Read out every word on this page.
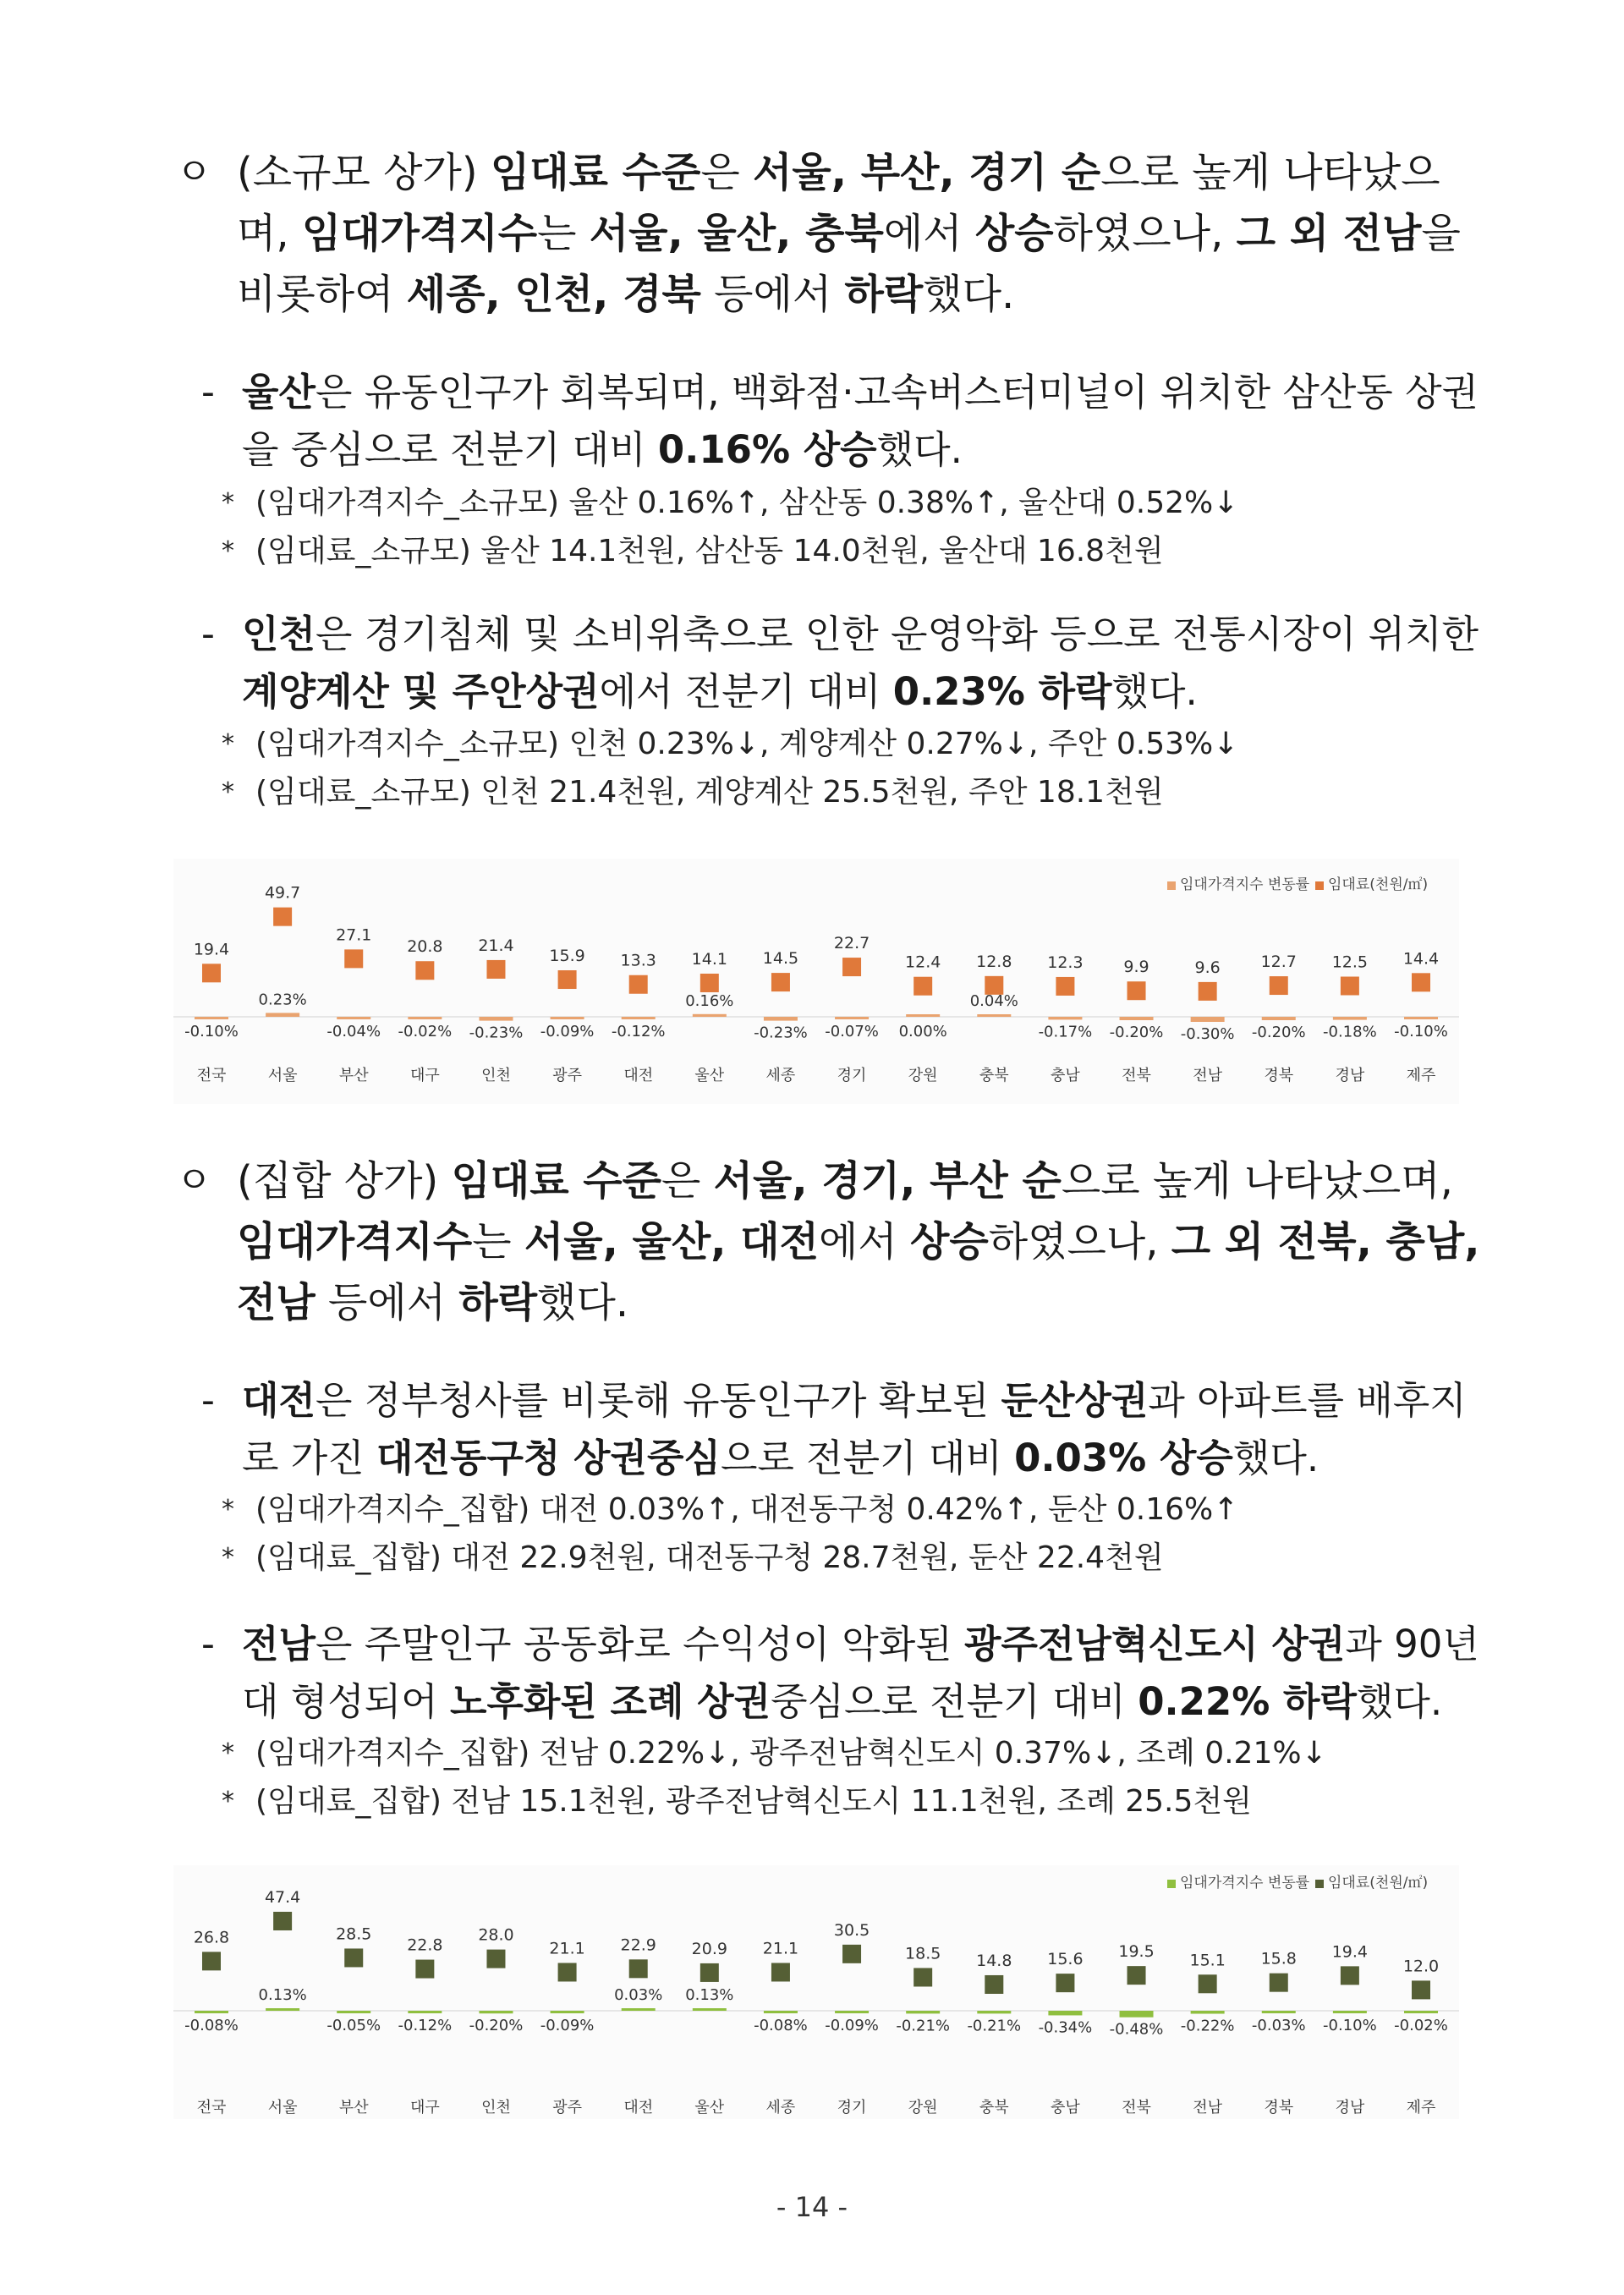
ㅇ (소규모 상가) 임대료 수준은 서울, 부산, 경기 순으로 높게 나타났으며, 임대가격지수는 서울, 울산, 충북에서 상승하였으나, 그 외 전남을 비롯하여 세종, 인천, 경북 등에서 하락했다.
- 울산은 유동인구가 회복되며, 백화점·고속버스터미널이 위치한 삼산동 상권을 중심으로 전분기 대비 0.16% 상승했다.
* (임대가격지수_소규모) 울산 0.16%↑, 삼산동 0.38%↑, 울산대 0.52%↓
* (임대료_소규모) 울산 14.1천원, 삼산동 14.0천원, 울산대 16.8천원
- 인천은 경기침체 및 소비위축으로 인한 운영악화 등으로 전통시장이 위치한 계양계산 및 주안상권에서 전분기 대비 0.23% 하락했다.
* (임대가격지수_소규모) 인천 0.23%↓, 계양계산 0.27%↓, 주안 0.53%↓
* (임대료_소규모) 인천 21.4천원, 계양계산 25.5천원, 주안 18.1천원
임대가격지수 변동률 임대료(천원/㎡)
19.4
-0.10%
전국
49.7
0.23%
서울
27.1
-0.04%
부산
20.8
-0.02%
대구
21.4
-0.23%
인천
15.9
-0.09%
광주
13.3
-0.12%
대전
14.1
0.16%
울산
14.5
-0.23%
세종
22.7
-0.07%
경기
12.4
0.00%
강원
12.8
0.04%
충북
12.3
-0.17%
충남
9.9
-0.20%
전북
9.6
-0.30%
전남
12.7
-0.20%
경북
12.5
-0.18%
경남
14.4
-0.10%
제주
ㅇ (집합 상가) 임대료 수준은 서울, 경기, 부산 순으로 높게 나타났으며, 임대가격지수는 서울, 울산, 대전에서 상승하였으나, 그 외 전북, 충남, 전남 등에서 하락했다.
- 대전은 정부청사를 비롯해 유동인구가 확보된 둔산상권과 아파트를 배후지로 가진 대전동구청 상권중심으로 전분기 대비 0.03% 상승했다.
* (임대가격지수_집합) 대전 0.03%↑, 대전동구청 0.42%↑, 둔산 0.16%↑
* (임대료_집합) 대전 22.9천원, 대전동구청 28.7천원, 둔산 22.4천원
- 전남은 주말인구 공동화로 수익성이 악화된 광주전남혁신도시 상권과 90년대 형성되어 노후화된 조례 상권중심으로 전분기 대비 0.22% 하락했다.
* (임대가격지수_집합) 전남 0.22%↓, 광주전남혁신도시 0.37%↓, 조례 0.21%↓
* (임대료_집합) 전남 15.1천원, 광주전남혁신도시 11.1천원, 조례 25.5천원
임대가격지수 변동률 임대료(천원/㎡)
26.8
-0.08%
전국
47.4
0.13%
서울
28.5
-0.05%
부산
22.8
-0.12%
대구
28.0
-0.20%
인천
21.1
-0.09%
광주
22.9
0.03%
대전
20.9
0.13%
울산
21.1
-0.08%
세종
30.5
-0.09%
경기
18.5
-0.21%
강원
14.8
-0.21%
충북
15.6
-0.34%
충남
19.5
-0.48%
전북
15.1
-0.22%
전남
15.8
-0.03%
경북
19.4
-0.10%
경남
12.0
-0.02%
제주
- 14 -
